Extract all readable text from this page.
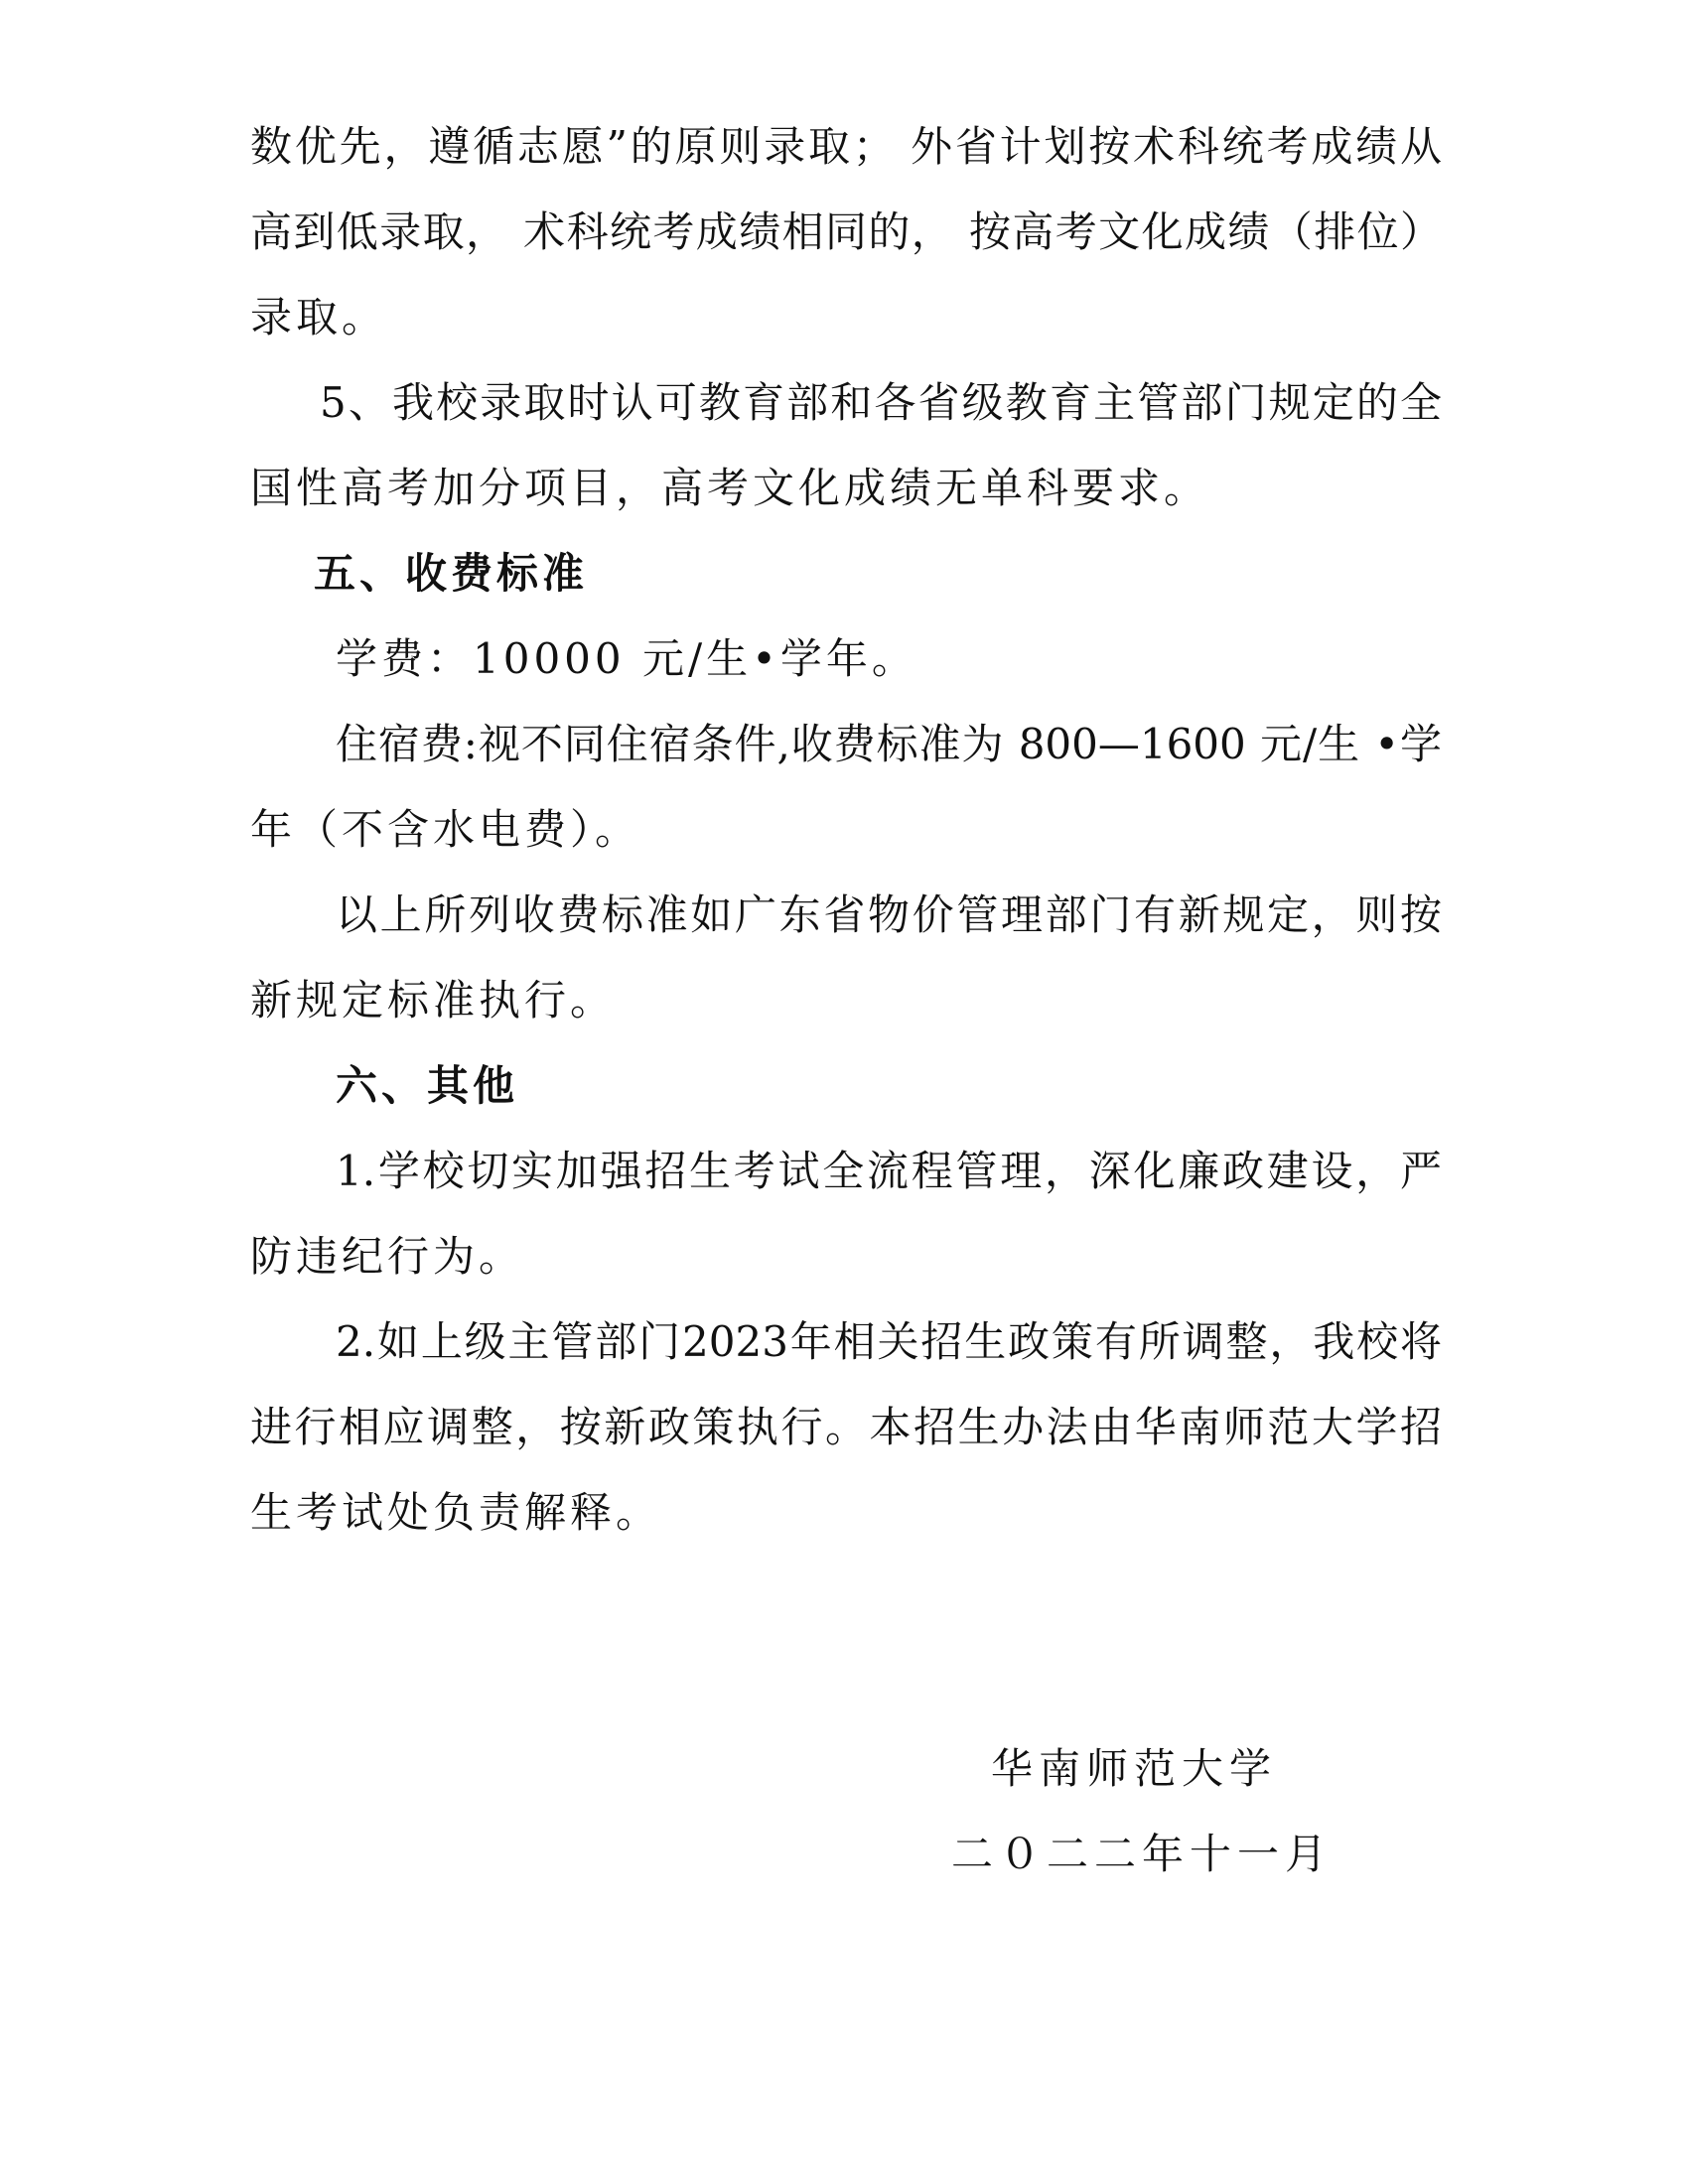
数优先，遵循志愿”的原则录取； 外省计划按术科统考成绩从
高到低录取， 术科统考成绩相同的， 按高考文化成绩（排位）
录取。
5、我校录取时认可教育部和各省级教育主管部门规定的全
国性高考加分项目，高考文化成绩无单科要求。
五、收费标准
学费：10000 元/生•学年。
住宿费:视不同住宿条件,收费标准为 800—1600 元/生 •学
年（不含水电费）。
以上所列收费标准如广东省物价管理部门有新规定，则按
新规定标准执行。
六、其他
1.学校切实加强招生考试全流程管理，深化廉政建设，严
防违纪行为。
2.如上级主管部门2023年相关招生政策有所调整，我校将
进行相应调整，按新政策执行。本招生办法由华南师范大学招
生考试处负责解释。
华南师范大学
二０二二年十一月
